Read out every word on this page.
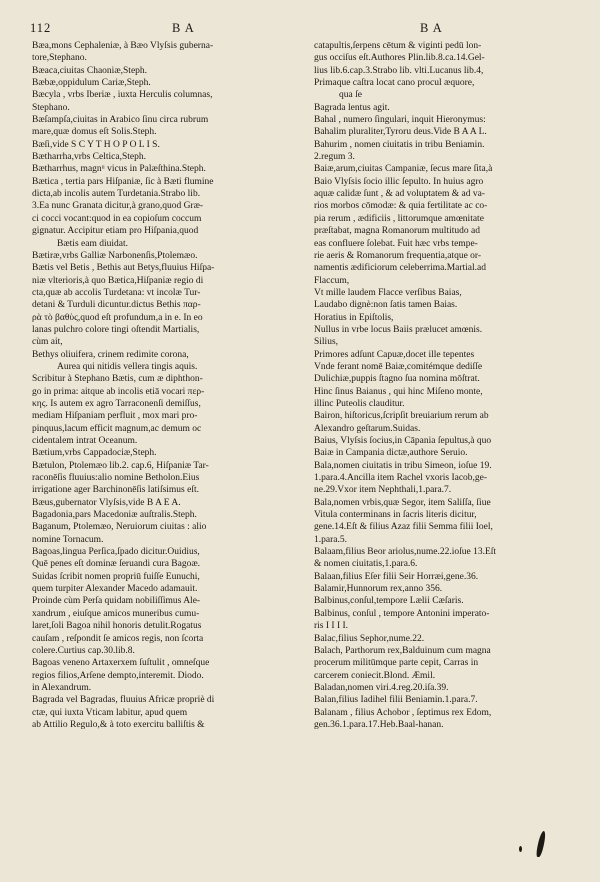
112	B A	B A

Bæa,mons Cephaleniæ, à Bæo Vlyſsis guberna-

tore,Stephano.

Bæaca,ciuitas Chaoniæ,Steph.

Bæbæ,oppidulum Cariæ,Steph.

Bæcyla , vrbs Iberiæ , iuxta Herculis columnas,

Stephano.

Bæſampſa,ciuitas in Arabico ſinu circa rubrum

mare,quæ domus eſt Solis.Steph.

Bæſi,vide S C Y T H O P O L I S.

Bætharrha,vrbs Celtica,Steph.

Bætharrhus, magnᵘ vicus in Palæſthina.Steph.

Bætica , tertia pars Hiſpaniæ, ſic à Bæti flumine

dicta,ab incolis autem Turdetania.Strabo lib.

3.Ea nunc Granata dicitur,à grano,quod Græ-

ci cocci vocant:quod in ea copioſum coccum

gignatur. Accipitur etiam pro Hiſpania,quod

Bætis eam diuidat.

Bætiræ,vrbs Galliæ Narbonenſis,Ptolemæo.

Bætis vel Betis , Bethis aut Betys,fluuius Hiſpa-

niæ vlterioris,à quo Bætica,Hiſpaniæ regio di

cta,quæ ab accolis Turdetana: vt incolæ Tur-

detani & Turduli dicuntur.dictus Bethis παρ-

ρὰ τὸ βαθὺς,quod eſt profundum,a in e. In eo

lanas pulchro colore tingi oſtendit Martialis,

cùm ait,

Bethys oliuifera, crinem redimite corona,

Aurea qui nitidis vellera tingis aquis.

Scribitur à Stephano Bætis, cum æ diphthon-

go in prima: aitque ab incolis etiā vocari περ-

κης. Is autem ex agro Tarraconenſi demiſſus,

mediam Hiſpaniam perfluit , mox mari pro-

pinquus,lacum efficit magnum,ac demum oc

cidentalem intrat Oceanum.

Bætium,vrbs Cappadociæ,Steph.

Bætulon, Ptolemæo lib.2. cap.6, Hiſpaniæ Tar-

raconēſis fluuius:alio nomine Betholon.Eius

irrigatione ager Barchinonēſis latiſsimus eſt.

Bæus,gubernator Vlyſsis,vide B A E A.

Bagadonia,pars Macedoniæ auſtralis.Steph.

Baganum, Ptolemæo, Neruiorum ciuitas : alio

nomine Tornacum.

Bagoas,lingua Perſica,ſpado dicitur.Ouidius,

Quē penes eſt dominæ ſeruandi cura Bagoæ.

Suidas ſcribit nomen propriū fuiſſe Eunuchi,

quem turpiter Alexander Macedo adamauit.

Proinde cùm Perſa quidam nobiliſſimus Ale-

xandrum , eiuſque amicos muneribus cumu-

laret,ſoli Bagoa nihil honoris detulit.Rogatus

cauſam , reſpondit ſe amicos regis, non ſcorta

colere.Curtius cap.30.lib.8.

Bagoas veneno Artaxerxem ſuſtulit , omneſque

regios filios,Arſene dempto,interemit. Diodo.

in Alexandrum.

Bagrada vel Bagradas, fluuius Africæ propriè di

ctæ, qui iuxta Vticam labitur, apud quem

ab Attilio Regulo,& à toto exercitu balliſtis &

catapultis,ſerpens cētum & viginti pedū lon-

gus occiſus eſt.Authores Plin.lib.8.ca.14.Gel-

lius lib.6.cap.3.Strabo lib. vlti.Lucanus lib.4,

Primaque caſtra locat cano procul æquore,

qua ſe

Bagrada lentus agit.

Bahal , numero ſingulari, inquit Hieronymus:

Bahalim pluraliter,Tyroru deus.Vide B A A L.

Bahurim , nomen ciuitatis in tribu Beniamin.

2.regum 3.

Baiæ,arum,ciuitas Campaniæ, ſecus mare ſita,à

Baio Vlyſsis ſocio illic ſepulto. In huius agro

aquæ calidæ ſunt , & ad voluptatem & ad va-

rios morbos cōmodæ: & quia fertilitate ac co-

pia rerum , ædificiis , littorumque amœnitate

præſtabat, magna Romanorum multitudo ad

eas confluere ſolebat. Fuit hæc vrbs tempe-

rie aeris & Romanorum frequentia,atque or-

namentis ædificiorum celeberrima.Martial.ad

Flaccum,

Vt mille laudem Flacce verſibus Baias,

Laudabo dignè:non ſatis tamen Baias.

Horatius in Epiſtolis,

Nullus in vrbe locus Baiis prælucet amœnis.

Silius,

Primores adſunt Capuæ,docet ille tepentes

Vnde ferant nomē Baiæ,comitémque dediſſe

Dulichiæ,puppis ſtagno ſua nomina mōſtrat.

Hinc ſinus Baianus , qui hinc Miſeno monte,

illinc Puteolis clauditur.

Bairon, hiſtoricus,ſcripſit breuiarium rerum ab

Alexandro geſtarum.Suidas.

Baius, Vlyſsis ſocius,in Cāpania ſepultus,à quo

Baiæ in Campania dictæ,authore Seruio.

Bala,nomen ciuitatis in tribu Simeon, ioſue 19.

1.para.4.Ancilla item Rachel vxoris Iacob,ge-

ne.29.Vxor item Nephthali,1.para.7.

Bala,nomen vrbis,quæ Segor, item Saliſſa, ſiue

Vitula conterminans in ſacris literis dicitur,

gene.14.Eſt & filius Azaz filii Semma filii Ioel,

1.para.5.

Balaam,filius Beor ariolus,nume.22.ioſue 13.Eſt

& nomen ciuitatis,1.para.6.

Balaan,filius Eſer filii Seir Horræi,gene.36.

Balamir,Hunnorum rex,anno 356.

Balbinus,conſul,tempore Lælii Cæſaris.

Balbinus, conſul , tempore Antonini imperato-

ris I I I I.

Balac,filius Sephor,nume.22.

Balach, Parthorum rex,Balduinum cum magna

procerum militūmque parte cepit, Carras in

carcerem coniecit.Blond. Æmil.

Baladan,nomen viri.4.reg.20.iſa.39.

Balan,filius Iadihel filii Beniamin.1.para.7.

Balanam , filius Achobor , ſeptimus rex Edom,

gen.36.1.para.17.Heb.Baal-hanan.
